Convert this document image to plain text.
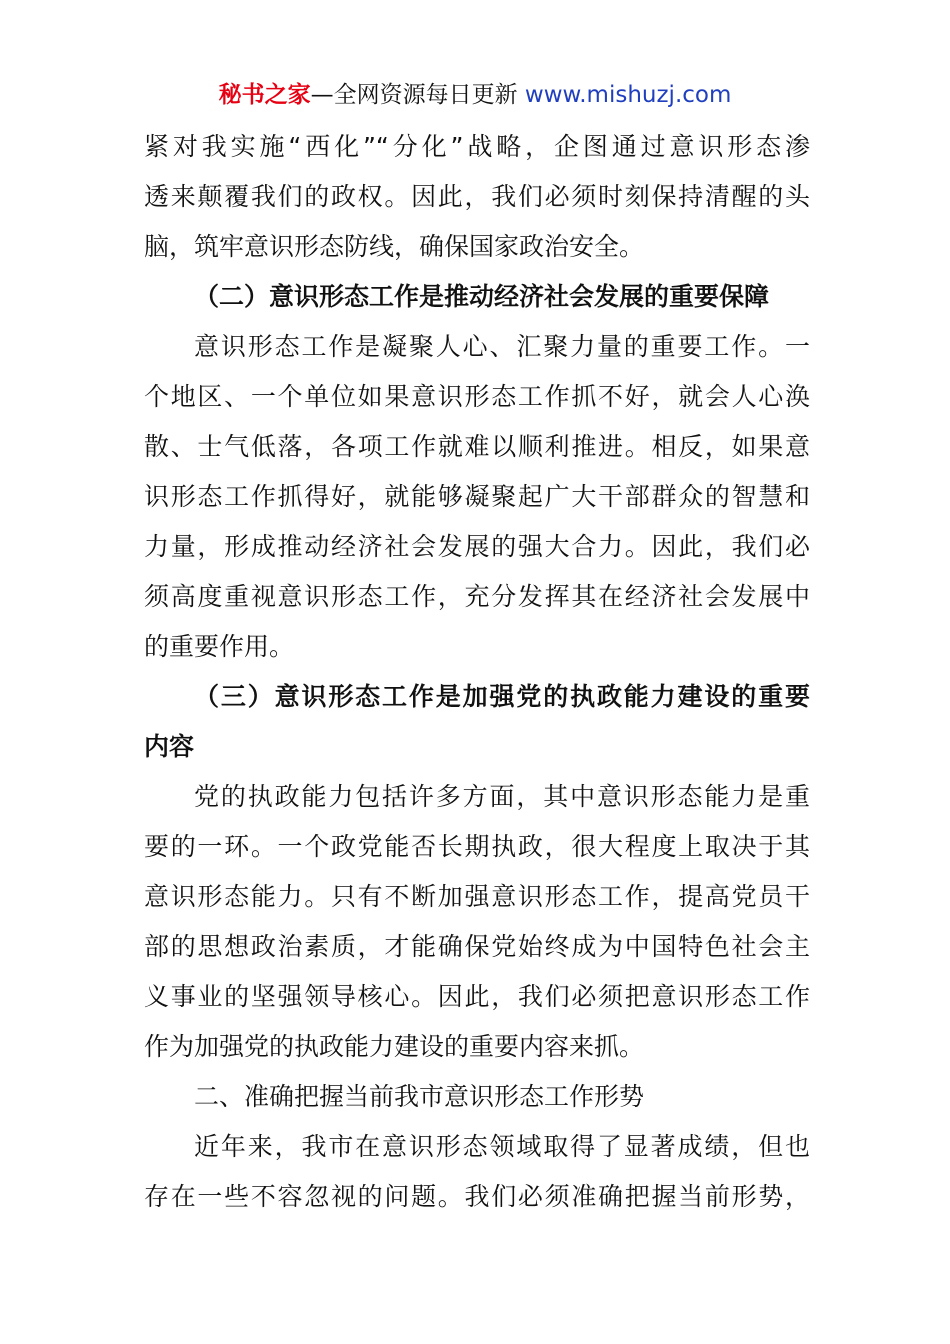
秘书之家—全网资源每日更新 www.mishuzj.com
紧对我实施“西化”“分化”战略，企图通过意识形态渗
透来颠覆我们的政权。因此，我们必须时刻保持清醒的头
脑，筑牢意识形态防线，确保国家政治安全。
（二）意识形态工作是推动经济社会发展的重要保障
意识形态工作是凝聚人心、汇聚力量的重要工作。一
个地区、一个单位如果意识形态工作抓不好，就会人心涣
散、士气低落，各项工作就难以顺利推进。相反，如果意
识形态工作抓得好，就能够凝聚起广大干部群众的智慧和
力量，形成推动经济社会发展的强大合力。因此，我们必
须高度重视意识形态工作，充分发挥其在经济社会发展中
的重要作用。
（三）意识形态工作是加强党的执政能力建设的重要
内容
党的执政能力包括许多方面，其中意识形态能力是重
要的一环。一个政党能否长期执政，很大程度上取决于其
意识形态能力。只有不断加强意识形态工作，提高党员干
部的思想政治素质，才能确保党始终成为中国特色社会主
义事业的坚强领导核心。因此，我们必须把意识形态工作
作为加强党的执政能力建设的重要内容来抓。
二、准确把握当前我市意识形态工作形势
近年来，我市在意识形态领域取得了显著成绩，但也
存在一些不容忽视的问题。我们必须准确把握当前形势，
